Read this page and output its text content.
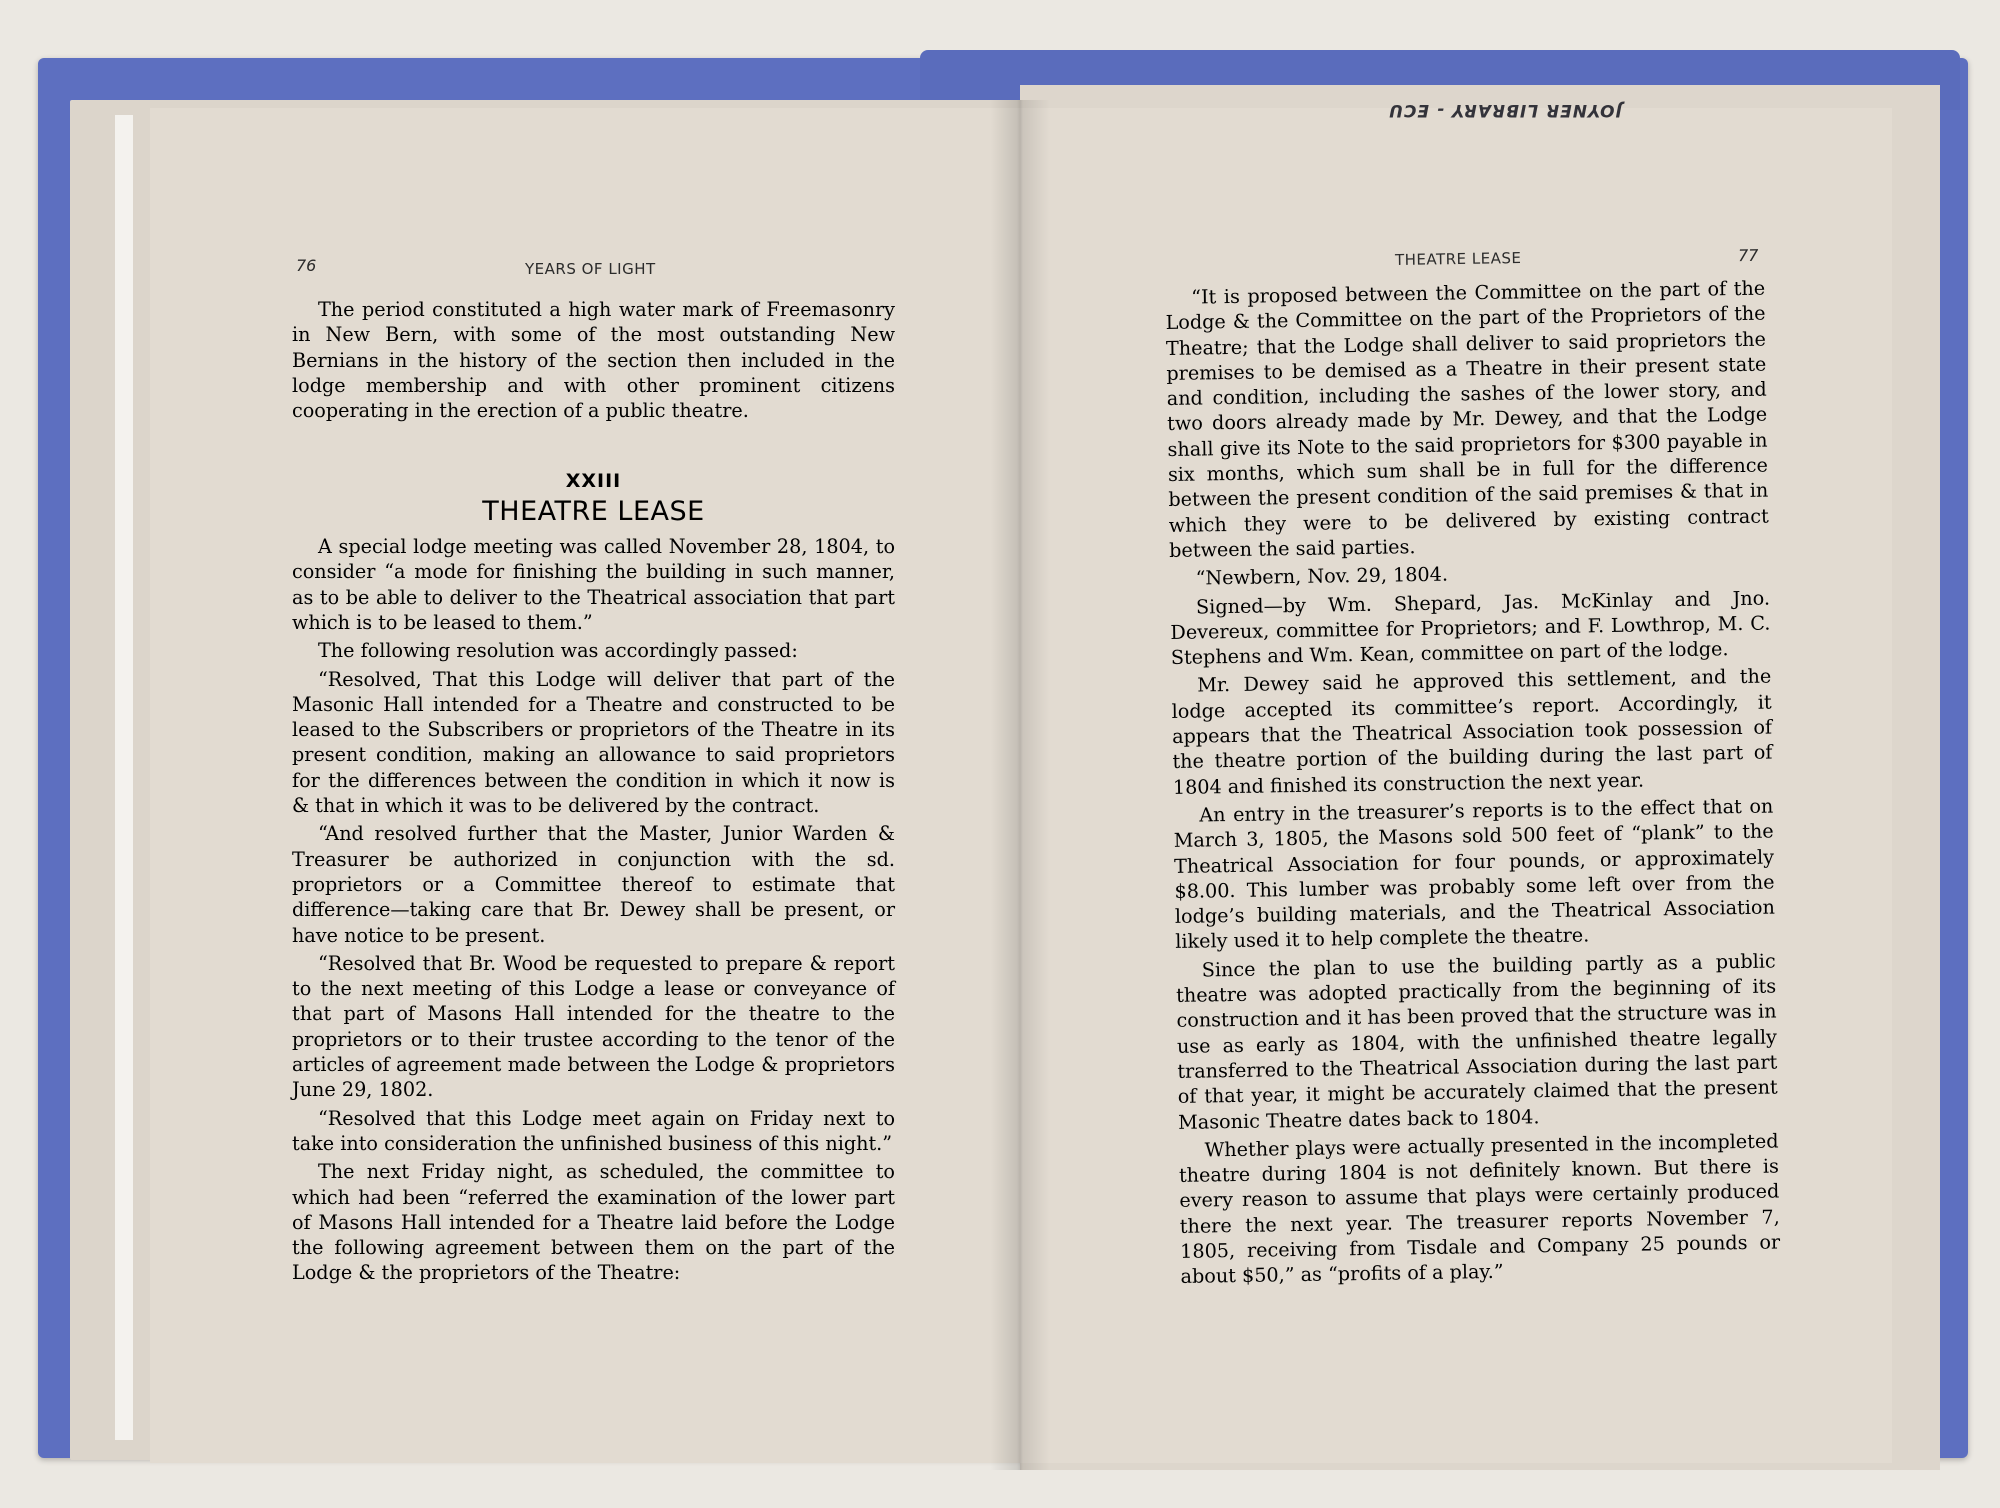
JOYNER LIBRARY - ECU
76	YEARS OF LIGHT

The period constituted a high water mark of Freemasonry in New Bern, with some of the most outstanding New Bernians in the history of the section then included in the lodge membership and with other prominent citizens cooperating in the erection of a public theatre.

XXIII
THEATRE LEASE

A special lodge meeting was called November 28, 1804, to consider “a mode for finishing the building in such manner, as to be able to deliver to the Theatrical association that part which is to be leased to them.”

The following resolution was accordingly passed:

“Resolved, That this Lodge will deliver that part of the Masonic Hall intended for a Theatre and constructed to be leased to the Subscribers or proprietors of the Theatre in its present condition, making an allowance to said proprietors for the differences between the condition in which it now is & that in which it was to be delivered by the contract.

“And resolved further that the Master, Junior Warden & Treasurer be authorized in conjunction with the sd. proprietors or a Committee thereof to estimate that difference—taking care that Br. Dewey shall be present, or have notice to be present.

“Resolved that Br. Wood be requested to prepare & report to the next meeting of this Lodge a lease or conveyance of that part of Masons Hall intended for the theatre to the proprietors or to their trustee according to the tenor of the articles of agreement made between the Lodge & proprietors June 29, 1802.

“Resolved that this Lodge meet again on Friday next to take into consideration the unfinished business of this night.”

The next Friday night, as scheduled, the committee to which had been “referred the examination of the lower part of Masons Hall intended for a Theatre laid before the Lodge the following agreement between them on the part of the Lodge & the proprietors of the Theatre:

THEATRE LEASE	77

“It is proposed between the Committee on the part of the Lodge & the Committee on the part of the Proprietors of the Theatre; that the Lodge shall deliver to said proprietors the premises to be demised as a Theatre in their present state and condition, including the sashes of the lower story, and two doors already made by Mr. Dewey, and that the Lodge shall give its Note to the said proprietors for $300 payable in six months, which sum shall be in full for the difference between the present condition of the said premises & that in which they were to be delivered by existing contract between the said parties.

“Newbern, Nov. 29, 1804.

Signed—by Wm. Shepard, Jas. McKinlay and Jno. Devereux, committee for Proprietors; and F. Lowthrop, M. C. Stephens and Wm. Kean, committee on part of the lodge.

Mr. Dewey said he approved this settlement, and the lodge accepted its committee’s report. Accordingly, it appears that the Theatrical Association took possession of the theatre portion of the building during the last part of 1804 and finished its construction the next year.

An entry in the treasurer’s reports is to the effect that on March 3, 1805, the Masons sold 500 feet of “plank” to the Theatrical Association for four pounds, or approximately $8.00. This lumber was probably some left over from the lodge’s building materials, and the Theatrical Association likely used it to help complete the theatre.

Since the plan to use the building partly as a public theatre was adopted practically from the beginning of its construction and it has been proved that the structure was in use as early as 1804, with the unfinished theatre legally transferred to the Theatrical Association during the last part of that year, it might be accurately claimed that the present Masonic Theatre dates back to 1804.

Whether plays were actually presented in the incompleted theatre during 1804 is not definitely known. But there is every reason to assume that plays were certainly produced there the next year. The treasurer reports November 7, 1805, receiving from Tisdale and Company 25 pounds or about $50,” as “profits of a play.”
